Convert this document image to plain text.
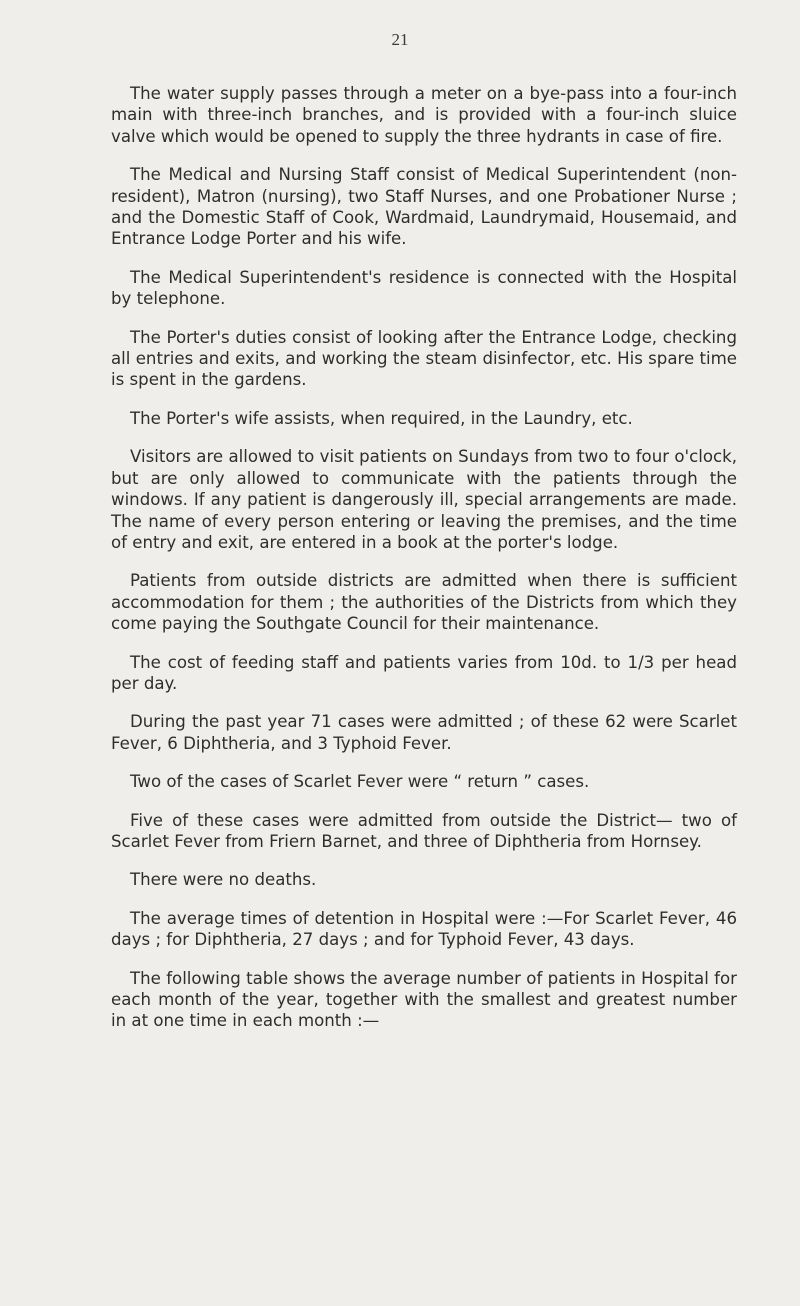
21

The water supply passes through a meter on a bye-pass into a four-inch main with three-inch branches, and is provided with a four-inch sluice valve which would be opened to supply the three hydrants in case of fire.

The Medical and Nursing Staff consist of Medical Superintendent (non-resident), Matron (nursing), two Staff Nurses, and one Probationer Nurse ; and the Domestic Staff of Cook, Wardmaid, Laundrymaid, Housemaid, and Entrance Lodge Porter and his wife.

The Medical Superintendent's residence is connected with the Hospital by telephone.

The Porter's duties consist of looking after the Entrance Lodge, checking all entries and exits, and working the steam disinfector, etc. His spare time is spent in the gardens.

The Porter's wife assists, when required, in the Laundry, etc.

Visitors are allowed to visit patients on Sundays from two to four o'clock, but are only allowed to communicate with the patients through the windows. If any patient is dangerously ill, special arrangements are made. The name of every person entering or leaving the premises, and the time of entry and exit, are entered in a book at the porter's lodge.

Patients from outside districts are admitted when there is sufficient accommodation for them ; the authorities of the Districts from which they come paying the Southgate Council for their maintenance.

The cost of feeding staff and patients varies from 10d. to 1/3 per head per day.

During the past year 71 cases were admitted ; of these 62 were Scarlet Fever, 6 Diphtheria, and 3 Typhoid Fever.

Two of the cases of Scarlet Fever were “ return ” cases.

Five of these cases were admitted from outside the District— two of Scarlet Fever from Friern Barnet, and three of Diphtheria from Hornsey.

There were no deaths.

The average times of detention in Hospital were :—For Scarlet Fever, 46 days ; for Diphtheria, 27 days ; and for Typhoid Fever, 43 days.

The following table shows the average number of patients in Hospital for each month of the year, together with the smallest and greatest number in at one time in each month :—
